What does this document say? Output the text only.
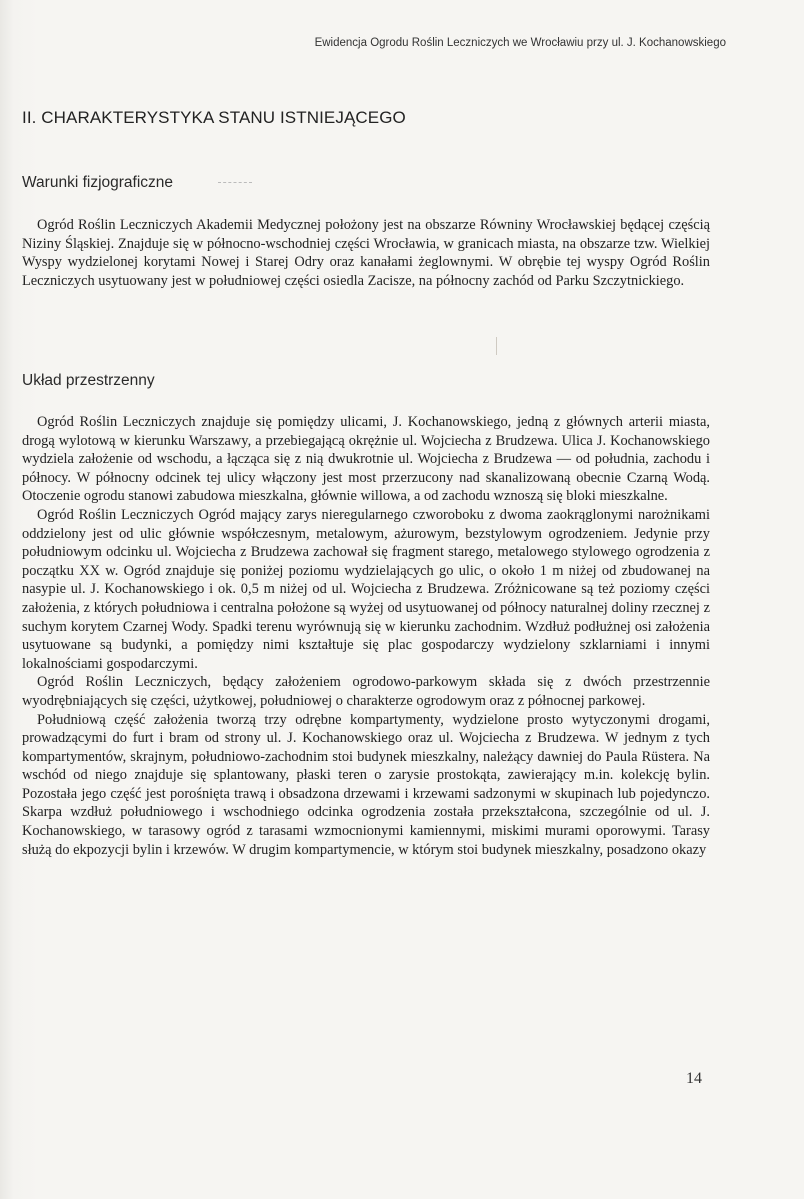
Ewidencja Ogrodu Roślin Leczniczych we Wrocławiu przy ul. J. Kochanowskiego
II. CHARAKTERYSTYKA STANU ISTNIEJĄCEGO
Warunki fizjograficzne

Ogród Roślin Leczniczych Akademii Medycznej położony jest na obszarze Równiny Wrocławskiej będącej częścią Niziny Śląskiej. Znajduje się w północno-wschodniej części Wrocławia, w granicach miasta, na obszarze tzw. Wielkiej Wyspy wydzielonej korytami Nowej i Starej Odry oraz kanałami żeglownymi. W obrębie tej wyspy Ogród Roślin Leczniczych usytuowany jest w południowej części osiedla Zacisze, na północny zachód od Parku Szczytnickiego.

Układ przestrzenny

Ogród Roślin Leczniczych znajduje się pomiędzy ulicami, J. Kochanowskiego, jedną z głównych arterii miasta, drogą wylotową w kierunku Warszawy, a przebiegającą okrężnie ul. Wojciecha z Brudzewa. Ulica J. Kochanowskiego wydziela założenie od wschodu, a łącząca się z nią dwukrotnie ul. Wojciecha z Brudzewa — od południa, zachodu i północy. W północny odcinek tej ulicy włączony jest most przerzucony nad skanalizowaną obecnie Czarną Wodą. Otoczenie ogrodu stanowi zabudowa mieszkalna, głównie willowa, a od zachodu wznoszą się bloki mieszkalne.

Ogród Roślin Leczniczych Ogród mający zarys nieregularnego czworoboku z dwoma zaokrąglonymi narożnikami oddzielony jest od ulic głównie współczesnym, metalowym, ażurowym, bezstylowym ogrodzeniem. Jedynie przy południowym odcinku ul. Wojciecha z Brudzewa zachował się fragment starego, metalowego stylowego ogrodzenia z początku XX w. Ogród znajduje się poniżej poziomu wydzielających go ulic, o około 1 m niżej od zbudowanej na nasypie ul. J. Kochanowskiego i ok. 0,5 m niżej od ul. Wojciecha z Brudzewa. Zróżnicowane są też poziomy części założenia, z których południowa i centralna położone są wyżej od usytuowanej od północy naturalnej doliny rzecznej z suchym korytem Czarnej Wody. Spadki terenu wyrównują się w kierunku zachodnim. Wzdłuż podłużnej osi założenia usytuowane są budynki, a pomiędzy nimi kształtuje się plac gospodarczy wydzielony szklarniami i innymi lokalnościami gospodarczymi.

Ogród Roślin Leczniczych, będący założeniem ogrodowo-parkowym składa się z dwóch przestrzennie wyodrębniających się części, użytkowej, południowej o charakterze ogrodowym oraz z północnej parkowej.

Południową część założenia tworzą trzy odrębne kompartymenty, wydzielone prosto wytyczonymi drogami, prowadzącymi do furt i bram od strony ul. J. Kochanowskiego oraz ul. Wojciecha z Brudzewa. W jednym z tych kompartymentów, skrajnym, południowo-zachodnim stoi budynek mieszkalny, należący dawniej do Paula Rüstera. Na wschód od niego znajduje się splantowany, płaski teren o zarysie prostokąta, zawierający m.in. kolekcję bylin. Pozostała jego część jest porośnięta trawą i obsadzona drzewami i krzewami sadzonymi w skupinach lub pojedynczo. Skarpa wzdłuż południowego i wschodniego odcinka ogrodzenia została przekształcona, szczególnie od ul. J. Kochanowskiego, w tarasowy ogród z tarasami wzmocnionymi kamiennymi, miskimi murami oporowymi. Tarasy służą do ekpozycji bylin i krzewów. W drugim kompartymencie, w którym stoi budynek mieszkalny, posadzono okazy

14
